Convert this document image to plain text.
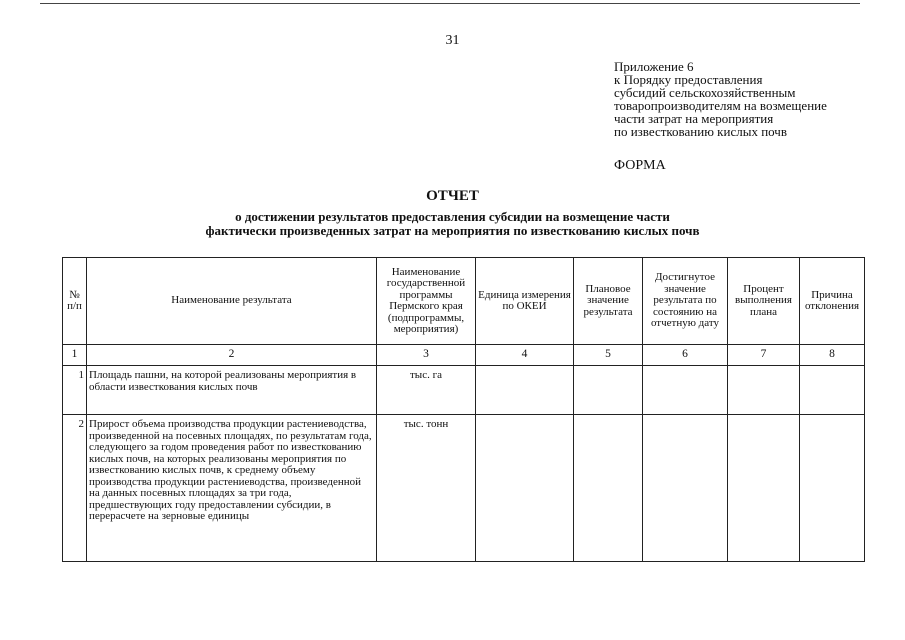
31
Приложение 6
к Порядку предоставления
субсидий сельскохозяйственным
товаропроизводителям на возмещение
части затрат на мероприятия
по известкованию кислых почв
ФОРМА
ОТЧЕТ
о достижении результатов предоставления субсидии на возмещение части
фактически произведенных затрат на мероприятия по известкованию кислых почв
№ п/п	Наименование результата	Наименование государственной программы Пермского края (подпрограммы, мероприятия)	Единица измерения по ОКЕИ	Плановое значение результата	Достигнутое значение результата по состоянию на отчетную дату	Процент выполнения плана	Причина отклонения
1	2	3	4	5	6	7	8
1	Площадь пашни, на которой реализованы мероприятия в области известкования кислых почв	тыс. га					
2	Прирост объема производства продукции растениеводства, произведенной на посевных площадях, по результатам года, следующего за годом проведения работ по известкованию кислых почв, на которых реализованы мероприятия по известкованию кислых почв, к среднему объему производства продукции растениеводства, произведенной на данных посевных площадях за три года, предшествующих году предоставлении субсидии, в перерасчете на зерновые единицы	тыс. тонн					
